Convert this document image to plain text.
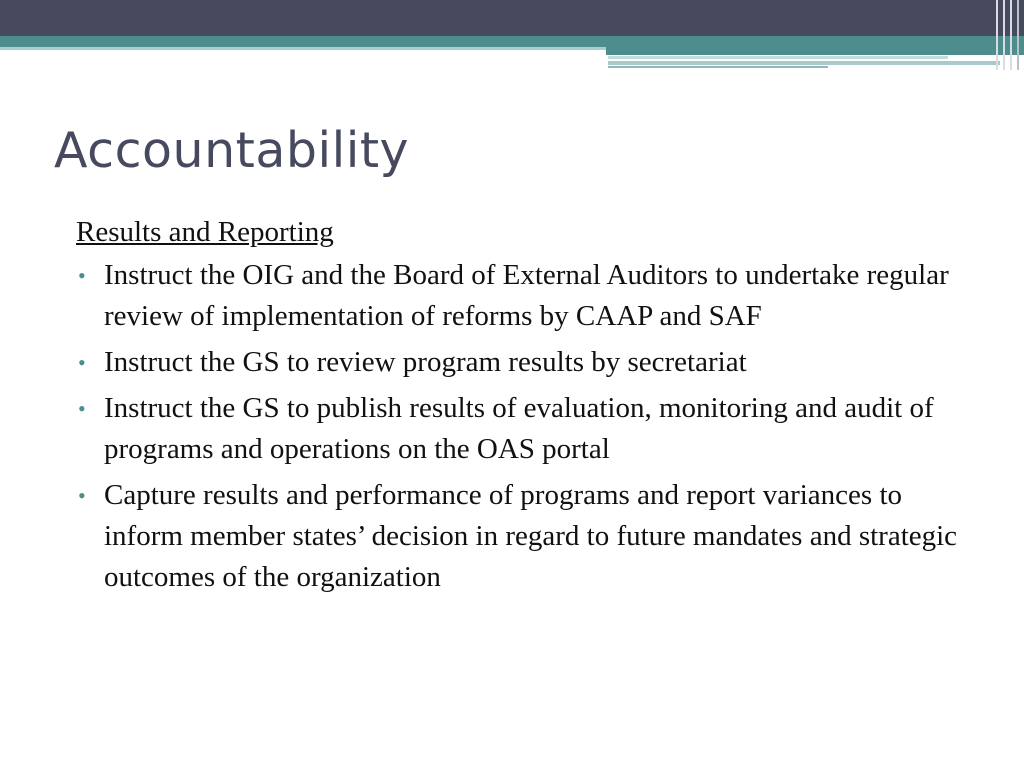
Accountability
Results and Reporting
• Instruct the OIG and the Board of External Auditors to undertake regular review of implementation of reforms by CAAP and SAF
• Instruct the GS to review program results by secretariat
• Instruct the GS to publish results of evaluation, monitoring and audit of programs and operations on the OAS portal
• Capture results and performance of programs and report variances to inform member states’ decision in regard to future mandates and strategic outcomes of the organization
